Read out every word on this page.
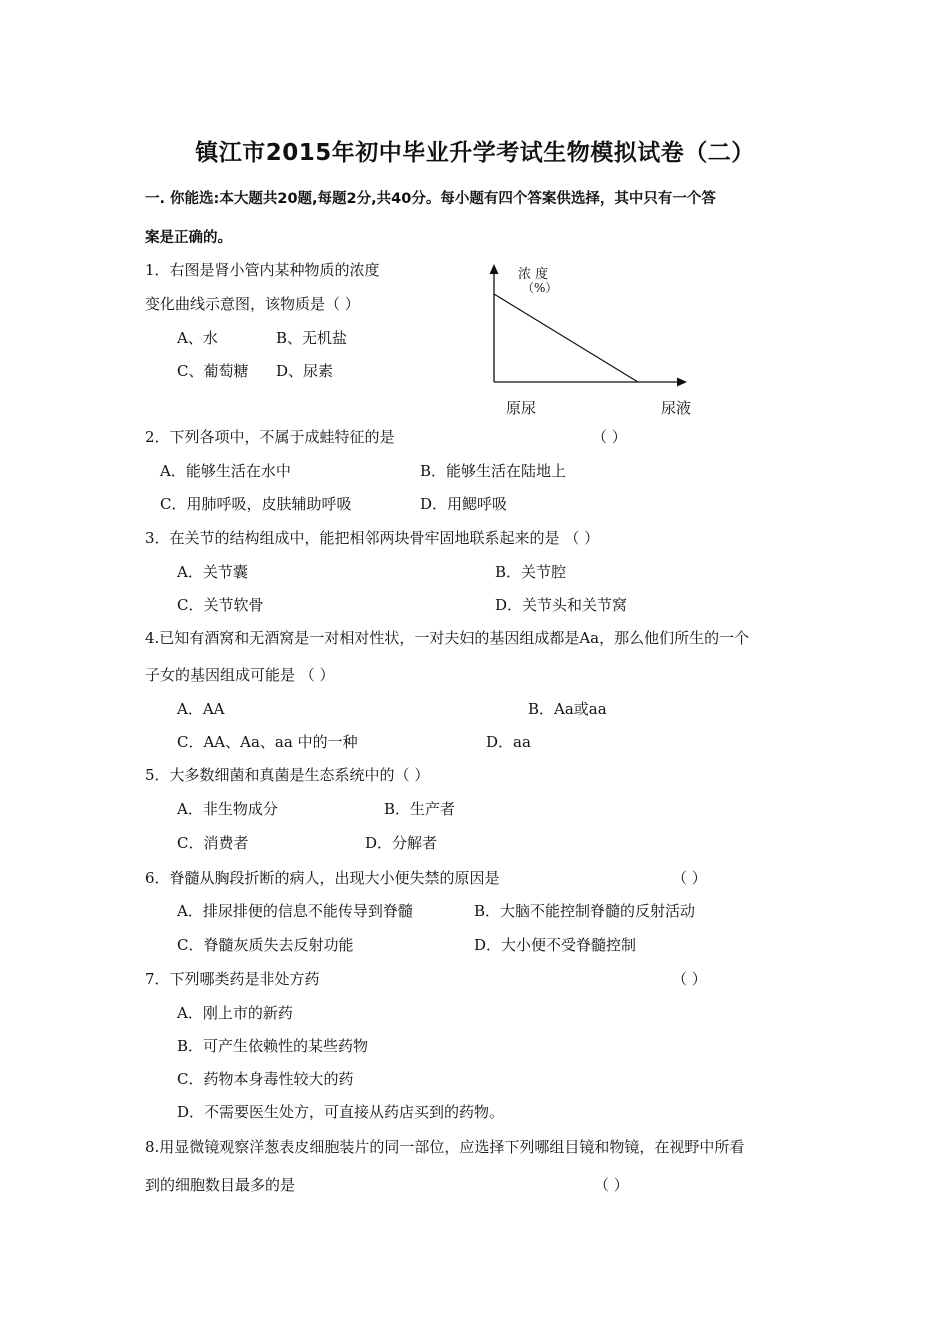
镇江市2015年初中毕业升学考试生物模拟试卷（二）
一. 你能选:本大题共20题,每题2分,共40分。每小题有四个答案供选择，其中只有一个答
案是正确的。
1．右图是肾小管内某种物质的浓度
变化曲线示意图，该物质是（ ）
A、水	B、无机盐
C、葡萄糖 D、尿素
浓 度
（%）
原尿	尿液
2．下列各项中，不属于成蛙特征的是	（ ）
A．能够生活在水中	B．能够生活在陆地上
C．用肺呼吸，皮肤辅助呼吸	D．用鳃呼吸
3．在关节的结构组成中，能把相邻两块骨牢固地联系起来的是 （ ）
A．关节囊	B．关节腔
C．关节软骨	D．关节头和关节窝
4.已知有酒窝和无酒窝是一对相对性状，一对夫妇的基因组成都是Aa，那么他们所生的一个
子女的基因组成可能是 （ ）
A．AA	B．Aa或aa
C．AA、Aa、aa 中的一种	D．aa
5．大多数细菌和真菌是生态系统中的（ ）
A．非生物成分	B．生产者
C．消费者	D．分解者
6．脊髓从胸段折断的病人，出现大小便失禁的原因是	（ ）
A．排尿排便的信息不能传导到脊髓	B．大脑不能控制脊髓的反射活动
C．脊髓灰质失去反射功能	D．大小便不受脊髓控制
7．下列哪类药是非处方药	（ ）
A．刚上市的新药
B．可产生依赖性的某些药物
C．药物本身毒性较大的药
D．不需要医生处方，可直接从药店买到的药物。
8.用显微镜观察洋葱表皮细胞装片的同一部位，应选择下列哪组目镜和物镜，在视野中所看
到的细胞数目最多的是	（ ）
